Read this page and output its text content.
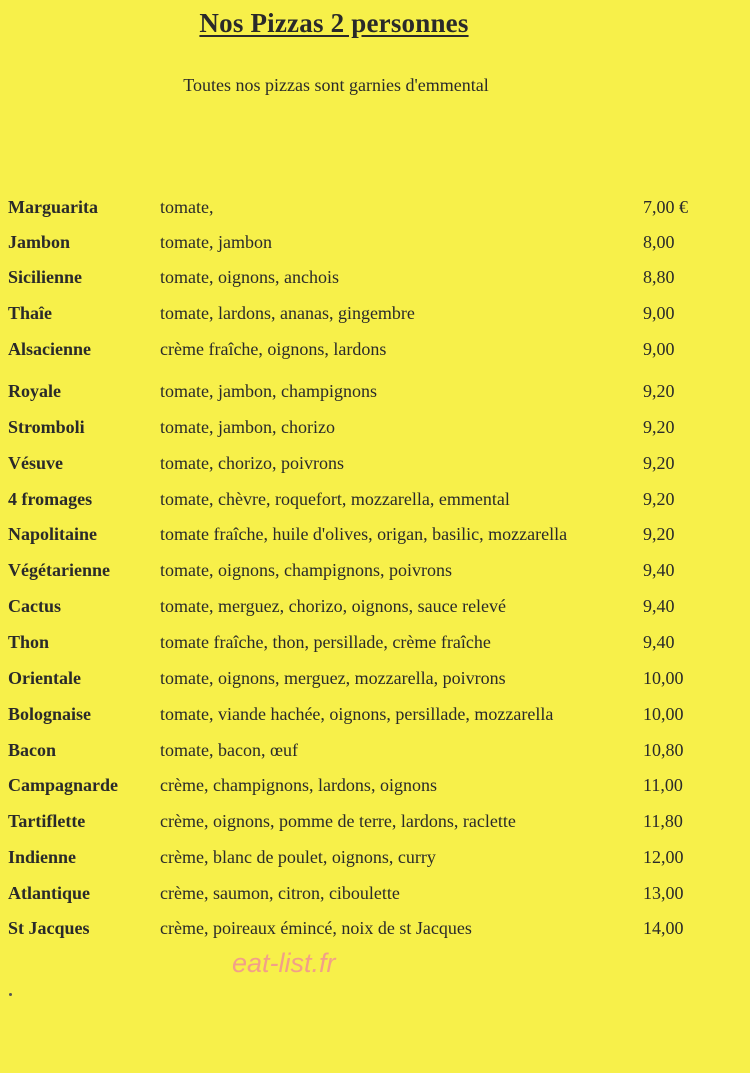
Nos Pizzas 2 personnes
Toutes nos pizzas sont garnies d'emmental
Marguarita	tomate,	7,00 €
Jambon	tomate, jambon	8,00
Sicilienne	tomate, oignons, anchois	8,80
Thaîe	tomate, lardons, ananas, gingembre	9,00
Alsacienne	crème fraîche, oignons, lardons	9,00
Royale	tomate, jambon, champignons	9,20
Stromboli	tomate, jambon, chorizo	9,20
Vésuve	tomate, chorizo, poivrons	9,20
4 fromages	tomate, chèvre, roquefort, mozzarella, emmental	9,20
Napolitaine	tomate fraîche, huile d'olives, origan, basilic, mozzarella	9,20
Végétarienne	tomate, oignons, champignons, poivrons	9,40
Cactus	tomate, merguez, chorizo, oignons, sauce relevé	9,40
Thon	tomate fraîche, thon, persillade, crème fraîche	9,40
Orientale	tomate, oignons, merguez, mozzarella, poivrons	10,00
Bolognaise	tomate, viande hachée, oignons, persillade, mozzarella	10,00
Bacon	tomate, bacon, œuf	10,80
Campagnarde crème, champignons, lardons, oignons	11,00
Tartiflette	crème, oignons, pomme de terre, lardons, raclette	11,80
Indienne	crème, blanc de poulet, oignons, curry	12,00
Atlantique	crème, saumon, citron, ciboulette	13,00
St Jacques	crème, poireaux émincé, noix de st Jacques	14,00
eat-list.fr
